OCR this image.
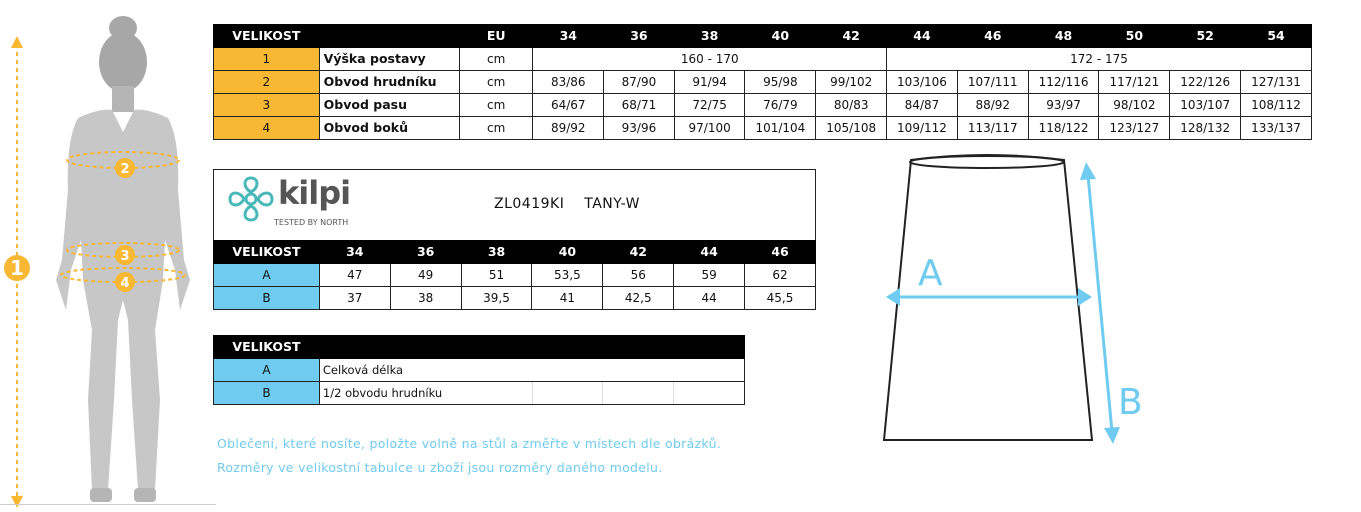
1
2
3
4
VELIKOST		EU	34	36	38	40	42	44	46	48	50	52	54
1	Výška postavy	cm	160 - 170					172 - 175					
2	Obvod hrudníku	cm	83/86	87/90	91/94	95/98	99/102	103/106	107/111	112/116	117/121	122/126	127/131
3	Obvod pasu	cm	64/67	68/71	72/75	76/79	80/83	84/87	88/92	93/97	98/102	103/107	108/112
4	Obvod boků	cm	89/92	93/96	97/100	101/104	105/108	109/112	113/117	118/122	123/127	128/132	133/137
kilpi
TESTED BY NORTH
ZL0419KI TANY-W
VELIKOST	34	36	38	40	42	44	46
A	47	49	51	53,5	56	59	62
B	37	38	39,5	41	42,5	44	45,5
VELIKOST				
A	Celková délka			
B	1/2 obvodu hrudníku			
Oblečení, které nosíte, položte volně na stůl a změřte v místech dle obrázků.
Rozměry ve velikostní tabulce u zboží jsou rozměry daného modelu.
A
B
